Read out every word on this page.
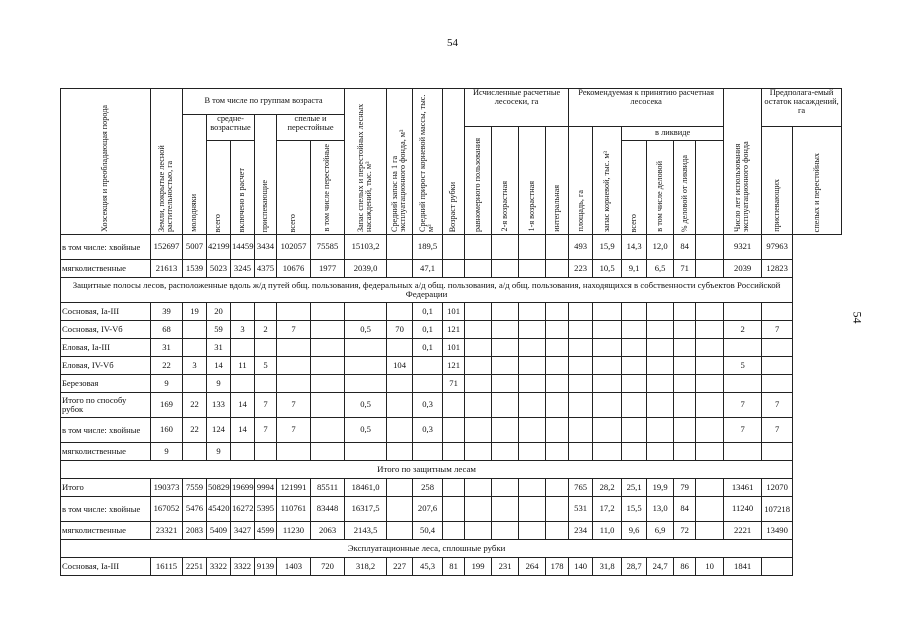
54
54
Хозсекция и преобладающая порода	Земли, покрытые лесной растительностью, га	В том числе по группам возраста						Запас спелых и перестойных лесных насаждений, тыс. м³	Средний запас на 1 га эксплуатационного фонда, м³	Средний прирост корневой массы, тыс. м³	Возраст рубки	Исчисленные расчетные лесосеки, га				Рекомендуемая к принятию расчетная лесосека						Число лет использования эксплуатационного фонда	Предполага-емый остаток насаждений, га	
		молодняки	средне-возрастные		приспевающие	спелые и перестойные																		
												равномерного пользования	2-я возрастная	1-я возрастная	интегральная	площадь, га	запас корневой, тыс. м³	в ликвиде					приспевающих	спелых и перестойных
			всего	включено в расчет		всего	в том числе перестойные											всего	в том числе деловой	% деловой от ликвида				
в том числе: хвойные	152697	5007	42199	14459	3434	102057	75585	15103,2		189,5						493	15,9	14,3	12,0	84		9321	97963	
мягколиственные	21613	1539	5023	3245	4375	10676	1977	2039,0		47,1						223	10,5	9,1	6,5	71		2039	12823	
Защитные полосы лесов, расположенные вдоль ж/д путей общ. пользования, федеральных а/д общ. пользования, а/д общ. пользования, находящихся в собственности субъектов Российской Федерации																								
Сосновая, Ia-III	39	19	20							0,1	101													
Сосновая, IV-Vб	68		59	3	2	7		0,5	70	0,1	121											2	7	
Еловая, Ia-III	31		31							0,1	101													
Еловая, IV-Vб	22	3	14	11	5				104		121											5		
Березовая	9		9								71													
Итого по способу рубок	169	22	133	14	7	7		0,5		0,3												7	7	
в том числе: хвойные	160	22	124	14	7	7		0,5		0,3												7	7	
мягколиственные	9		9																					
Итого по защитным лесам																								
Итого	190373	7559	50829	19699	9994	121991	85511	18461,0		258						765	28,2	25,1	19,9	79		13461	12070	
в том числе: хвойные	167052	5476	45420	16272	5395	110761	83448	16317,5		207,6						531	17,2	15,5	13,0	84		11240	107218	
мягколиственные	23321	2083	5409	3427	4599	11230	2063	2143,5		50,4						234	11,0	9,6	6,9	72		2221	13490	
Эксплуатационные леса, сплошные рубки																								
Сосновая, Ia-III	16115	2251	3322	3322	9139	1403	720	318,2	227	45,3	81	199	231	264	178	140	31,8	28,7	24,7	86	10	1841		
